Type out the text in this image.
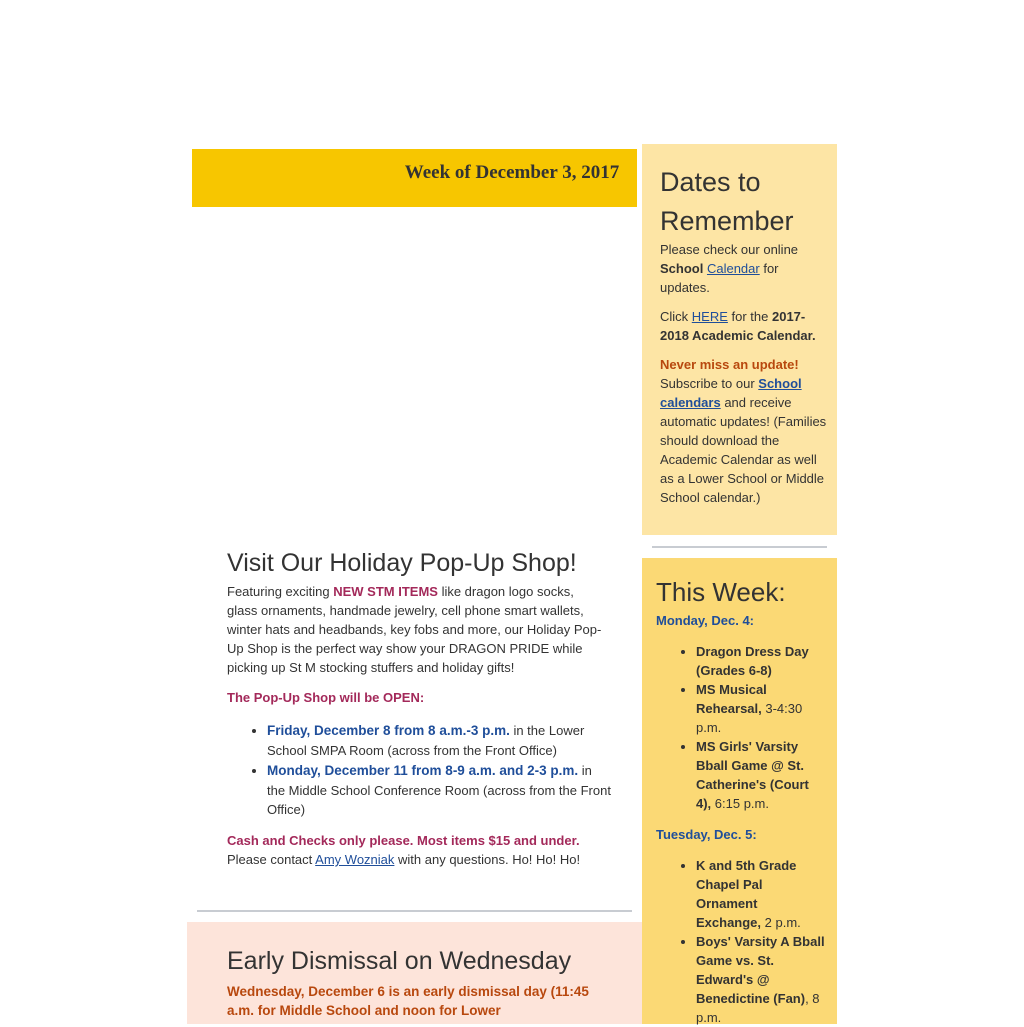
Week of December 3, 2017	Dates to Remember

Please check our online School Calendar for updates.

Click HERE for the 2017-2018 Academic Calendar.

Never miss an update!
Subscribe to our School calendars and receive automatic updates! (Families should download the Academic Calendar as well as a Lower School or Middle School calendar.)

This Week:

Monday, Dec. 4:

• Dragon Dress Day (Grades 6-8)
• MS Musical Rehearsal, 3-4:30 p.m.
• MS Girls' Varsity Bball Game @ St. Catherine's (Court 4), 6:15 p.m.

Tuesday, Dec. 5:

• K and 5th Grade Chapel Pal Ornament Exchange, 2 p.m.
• Boys' Varsity A Bball Game vs. St. Edward's @ Benedictine (Fan), 8 p.m.
Visit Our Holiday Pop-Up Shop!

Featuring exciting NEW STM ITEMS like dragon logo socks, glass ornaments, handmade jewelry, cell phone smart wallets, winter hats and headbands, key fobs and more, our Holiday Pop-Up Shop is the perfect way show your DRAGON PRIDE while picking up St M stocking stuffers and holiday gifts!

The Pop-Up Shop will be OPEN:

• Friday, December 8 from 8 a.m.-3 p.m. in the Lower School SMPA Room (across from the Front Office)
• Monday, December 11 from 8-9 a.m. and 2-3 p.m. in the Middle School Conference Room (across from the Front Office)

Cash and Checks only please. Most items $15 and under.
Please contact Amy Wozniak with any questions. Ho! Ho! Ho!

Early Dismissal on Wednesday

Wednesday, December 6 is an early dismissal day (11:45 a.m. for Middle School and noon for Lower
